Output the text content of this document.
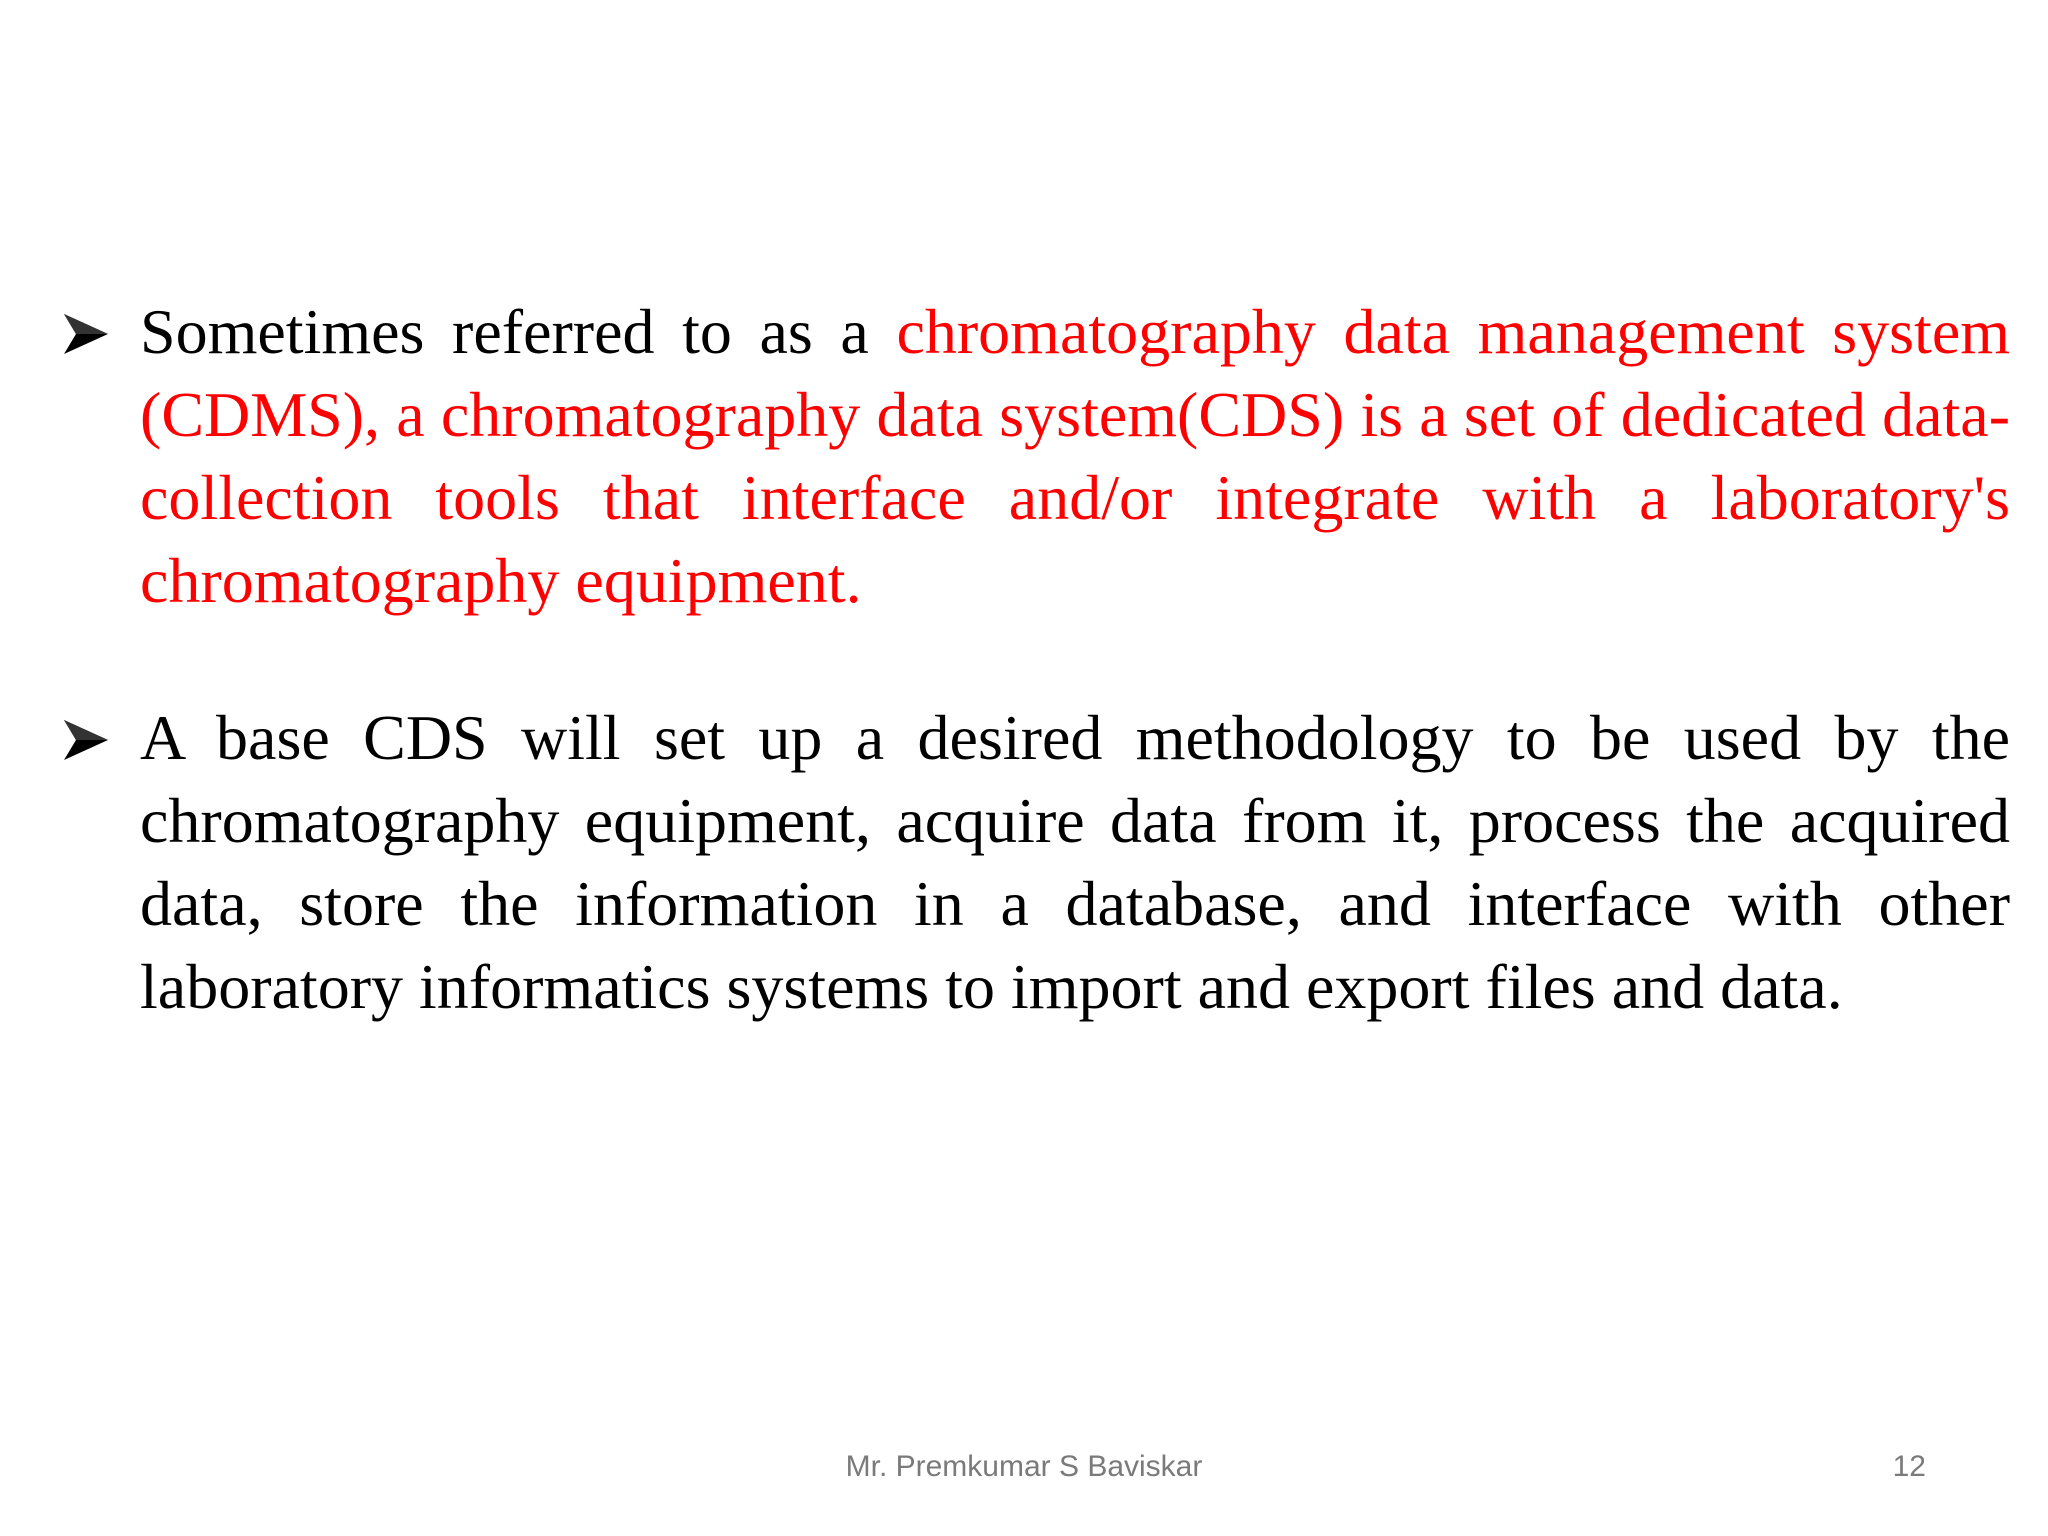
Sometimes referred to as a chromatography data management system (CDMS), a chromatography data system(CDS) is a set of dedicated data-collection tools that interface and/or integrate with a laboratory's chromatography equipment.
A base CDS will set up a desired methodology to be used by the chromatography equipment, acquire data from it, process the acquired data, store the information in a database, and interface with other laboratory informatics systems to import and export files and data.
Mr. Premkumar S Baviskar	12
